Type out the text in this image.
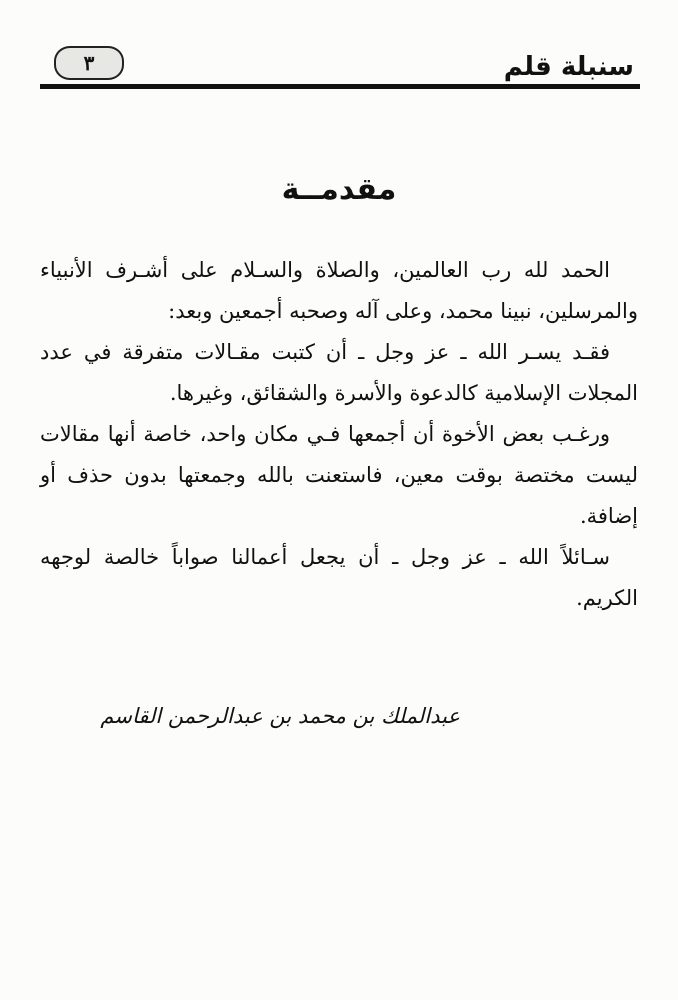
٣	سنبلة قلم
مقدمــة

الحمد لله رب العالمين، والصلاة والسـلام على أشـرف الأنبياء والمرسلين، نبينا محمد، وعلى آله وصحبه أجمعين وبعد:

فقـد يسـر الله ـ عز وجل ـ أن كتبت مقـالات متفرقة في عدد المجلات الإسلامية كالدعوة والأسرة والشقائق، وغيرها.

ورغـب بعض الأخوة أن أجمعها فـي مكان واحد، خاصة أنها مقالات ليست مختصة بوقت معين، فاستعنت بالله وجمعتها بدون حذف أو إضافة.

سـائلاً الله ـ عز وجل ـ أن يجعل أعمالنا صواباً خالصة لوجهه الكريم.

عبدالملك بن محمد بن عبدالرحمن القاسم
